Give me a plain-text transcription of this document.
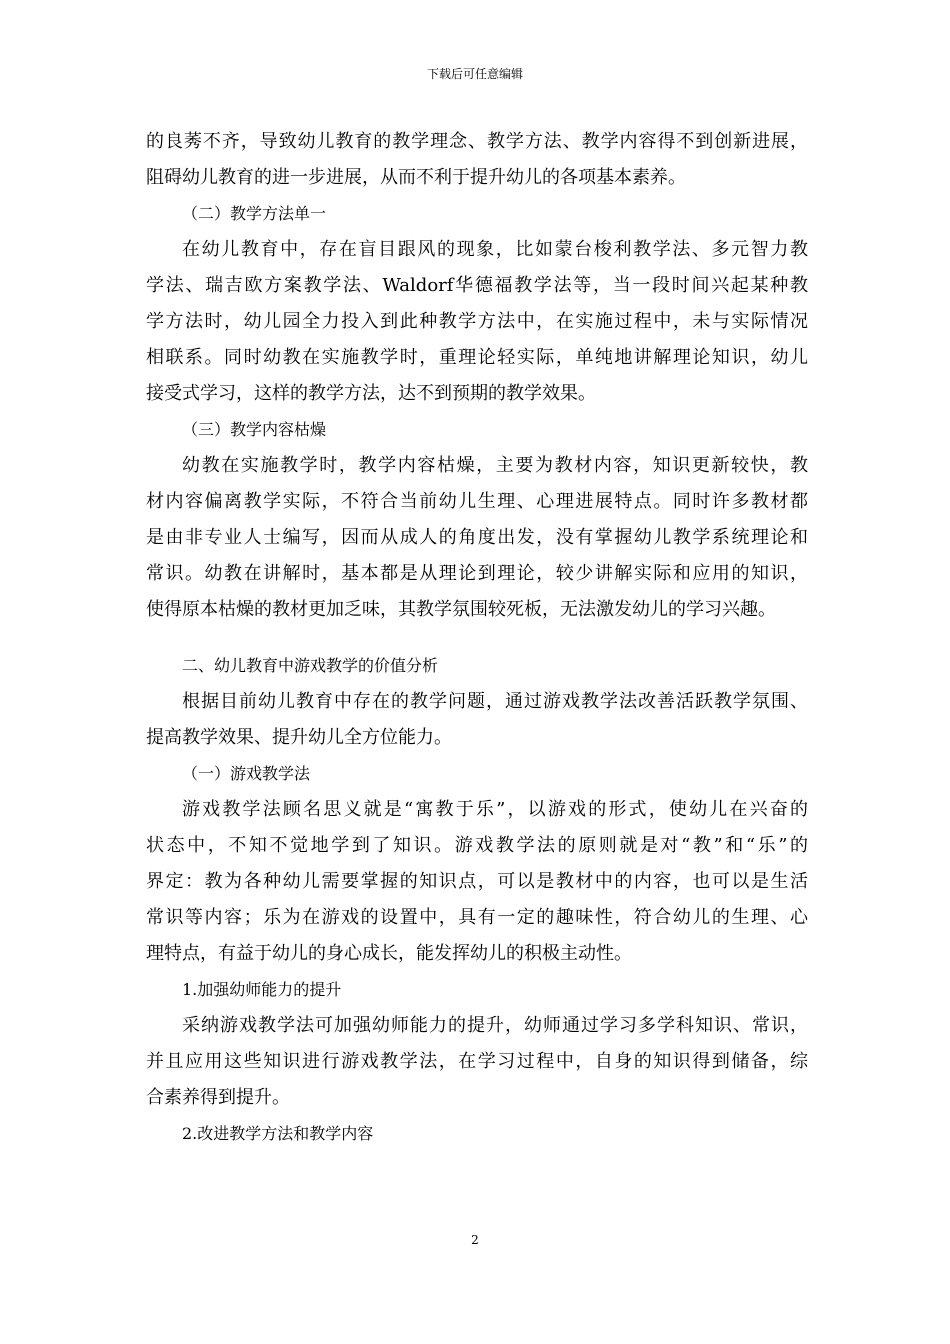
下载后可任意编辑
的良莠不齐，导致幼儿教育的教学理念、教学方法、教学内容得不到创新进展，
阻碍幼儿教育的进一步进展，从而不利于提升幼儿的各项基本素养。
（二）教学方法单一
在幼儿教育中，存在盲目跟风的现象，比如蒙台梭利教学法、多元智力教
学法、瑞吉欧方案教学法、Waldorf华德福教学法等，当一段时间兴起某种教
学方法时，幼儿园全力投入到此种教学方法中，在实施过程中，未与实际情况
相联系。同时幼教在实施教学时，重理论轻实际，单纯地讲解理论知识，幼儿
接受式学习，这样的教学方法，达不到预期的教学效果。
（三）教学内容枯燥
幼教在实施教学时，教学内容枯燥，主要为教材内容，知识更新较快，教
材内容偏离教学实际，不符合当前幼儿生理、心理进展特点。同时许多教材都
是由非专业人士编写，因而从成人的角度出发，没有掌握幼儿教学系统理论和
常识。幼教在讲解时，基本都是从理论到理论，较少讲解实际和应用的知识，
使得原本枯燥的教材更加乏味，其教学氛围较死板，无法激发幼儿的学习兴趣。
二、幼儿教育中游戏教学的价值分析
根据目前幼儿教育中存在的教学问题，通过游戏教学法改善活跃教学氛围、
提高教学效果、提升幼儿全方位能力。
（一）游戏教学法
游戏教学法顾名思义就是“寓教于乐”，以游戏的形式，使幼儿在兴奋的
状态中，不知不觉地学到了知识。游戏教学法的原则就是对“教”和“乐”的
界定：教为各种幼儿需要掌握的知识点，可以是教材中的内容，也可以是生活
常识等内容；乐为在游戏的设置中，具有一定的趣味性，符合幼儿的生理、心
理特点，有益于幼儿的身心成长，能发挥幼儿的积极主动性。
1.加强幼师能力的提升
采纳游戏教学法可加强幼师能力的提升，幼师通过学习多学科知识、常识，
并且应用这些知识进行游戏教学法，在学习过程中，自身的知识得到储备，综
合素养得到提升。
2.改进教学方法和教学内容
2
